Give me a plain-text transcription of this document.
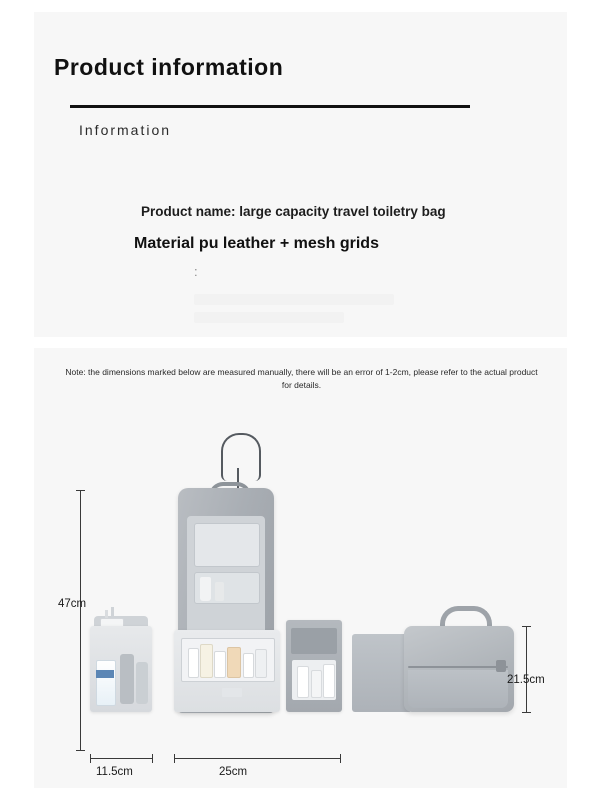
Product information
Information
Product name: large capacity travel toiletry bag
Material pu leather + mesh grids
:
Note: the dimensions marked below are measured manually, there will be an error of 1-2cm, please refer to the actual product for details.
47cm
11.5cm	25cm
21.5cm
